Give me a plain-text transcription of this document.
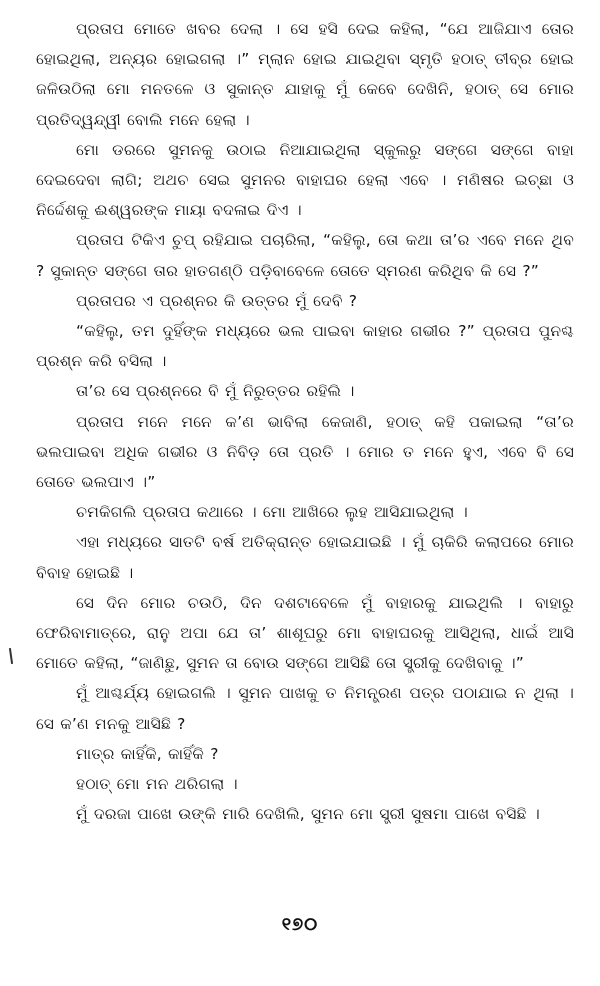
ପ୍ରତାପ ମୋତେ ଖବର ଦେଲା । ସେ ହସି ଦେଇ କହିଲା, “ଯେ ଆଜିଯାଏ ତୋର ହୋଇଥିଲା, ଅନ୍ୟର ହୋଇଗଲା ।” ମ୍ଲାନ ହୋଇ ଯାଇଥିବା ସ୍ମୃତି ହଠାତ୍ ତୀବ୍ର ହୋଇ ଜଳିଉଠିଲା ମୋ ମନତଳେ ଓ ସୁକାନ୍ତ ଯାହାକୁ ମୁଁ କେବେ ଦେଖିନି, ହଠାତ୍ ସେ ମୋର ପ୍ରତିଦ୍ୱନ୍ଦ୍ୱୀ ବୋଲି ମନେ ହେଲା ।

ମୋ ଡରରେ ସୁମନକୁ ଉଠାଇ ନିଆଯାଇଥିଲା ସ୍କୁଲରୁ ସଙ୍ଗେ ସଙ୍ଗେ ବାହା ଦେଇଦେବା ଲାଗି; ଅଥଚ ସେଇ ସୁମନର ବାହାଘର ହେଲା ଏବେ । ମଣିଷର ଇଚ୍ଛା ଓ ନିର୍ଦ୍ଦେଶକୁ ଈଶ୍ୱରଙ୍କ ମାୟା ବଦଳାଇ ଦିଏ ।

ପ୍ରତାପ ଟିକିଏ ଚୁପ୍ ରହିଯାଇ ପଚାରିଲା, “କହିଲୁ, ତୋ କଥା ତା’ର ଏବେ ମନେ ଥିବ ? ସୁକାନ୍ତ ସଙ୍ଗେ ତାର ହାତଗଣ୍ଠି ପଡ଼ିବାବେଳେ ତୋତେ ସ୍ମରଣ କରିଥିବ କି ସେ ?”

ପ୍ରତାପର ଏ ପ୍ରଶ୍ନର କି ଉତ୍ତର ମୁଁ ଦେବି ?

“କହିଲୁ, ତମ ଦୁହିଁଙ୍କ ମଧ୍ୟରେ ଭଲ ପାଇବା କାହାର ଗଭୀର ?” ପ୍ରତାପ ପୁନଶ୍ଚ ପ୍ରଶ୍ନ କରି ବସିଲା ।

ତା’ର ସେ ପ୍ରଶ୍ନରେ ବି ମୁଁ ନିରୁତ୍ତର ରହିଲି ।

ପ୍ରତାପ ମନେ ମନେ କ’ଣ ଭାବିଲା କେଜାଣି, ହଠାତ୍ କହି ପକାଇଲା “ତା’ର ଭଲପାଇବା ଅଧିକ ଗଭୀର ଓ ନିବିଡ଼ ତୋ ପ୍ରତି । ମୋର ତ ମନେ ହୁଏ, ଏବେ ବି ସେ ତୋତେ ଭଲପାଏ ।”

ଚମକିଗଲି ପ୍ରତାପ କଥାରେ । ମୋ ଆଖିରେ ଲୁହ ଆସିଯାଇଥିଲା ।

ଏହା ମଧ୍ୟରେ ସାତଟି ବର୍ଷ ଅତିକ୍ରାନ୍ତ ହୋଇଯାଇଛି । ମୁଁ ଚାକିରି କଲାପରେ ମୋର ବିବାହ ହୋଇଛି ।

ସେ ଦିନ ମୋର ଚଉଠି, ଦିନ ଦଶଟାବେଳେ ମୁଁ ବାହାରକୁ ଯାଇଥିଲି । ବାହାରୁ ଫେରିବାମାତ୍ରେ, ରାନୁ ଅପା ଯେ ତା’ ଶାଶୂଘରୁ ମୋ ବାହାଘରକୁ ଆସିଥିଲା, ଧାଇଁ ଆସି ମୋତେ କହିଲା, “ଜାଣିଛୁ, ସୁମନ ତା ବୋଉ ସଙ୍ଗେ ଆସିଛି ତୋ ସ୍ତ୍ରୀକୁ ଦେଖିବାକୁ ।”

ମୁଁ ଆଶ୍ଚର୍ଯ୍ୟ ହୋଇଗଲି । ସୁମନ ପାଖକୁ ତ ନିମନ୍ତ୍ରଣ ପତ୍ର ପଠାଯାଇ ନ ଥିଲା । ସେ କ’ଣ ମନକୁ ଆସିଛି ?

ମାତ୍ର କାହିଁକି, କାହିଁକି ?

ହଠାତ୍ ମୋ ମନ ଥରିଗଲା ।

ମୁଁ ଦରଜା ପାଖେ ଉଙ୍କି ମାରି ଦେଖିଲି, ସୁମନ ମୋ ସ୍ତ୍ରୀ ସୁଷମା ପାଖେ ବସିଛି ।

୧୭୦
